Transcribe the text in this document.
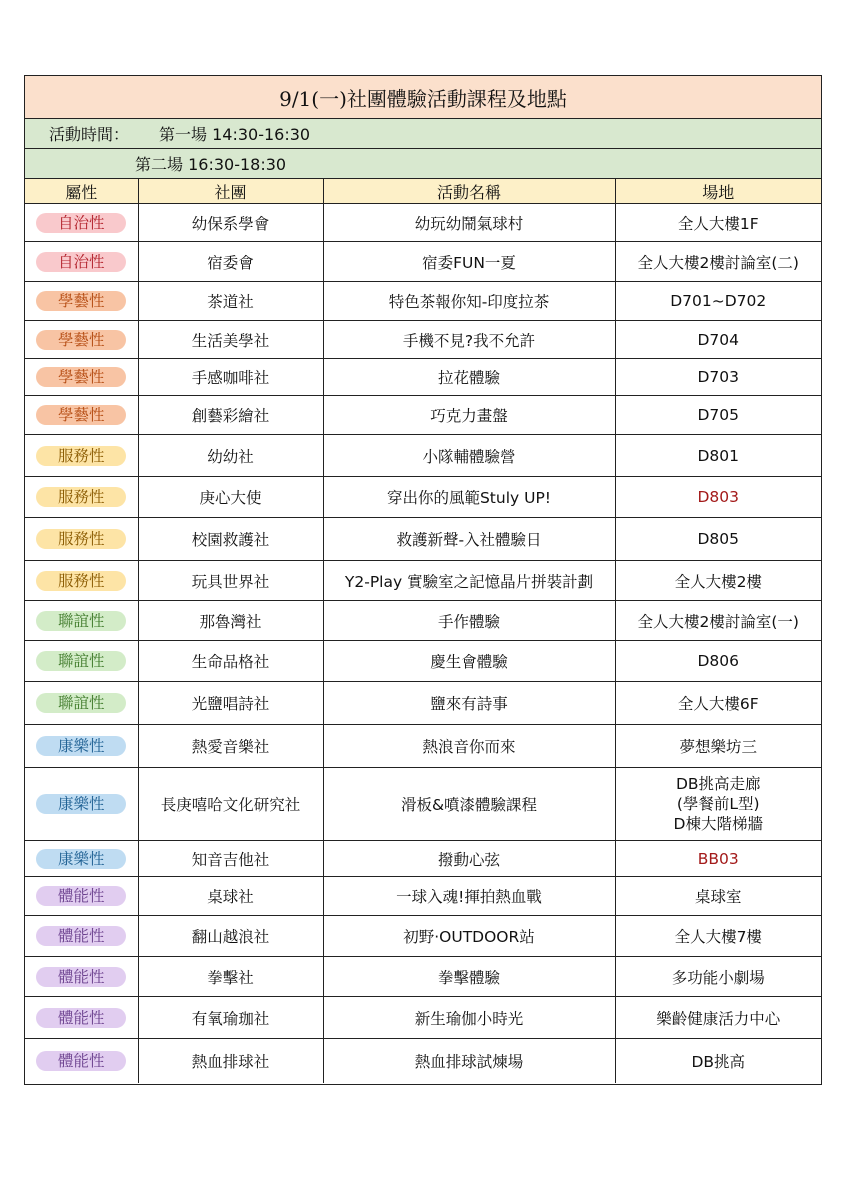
9/1(一)社團體驗活動課程及地點
活動時間：	第一場 14:30-16:30
第二場 16:30-18:30
屬性	社團	活動名稱	場地
自治性	幼保系學會	幼玩幼鬧氣球村	全人大樓1F
自治性	宿委會	宿委FUN一夏	全人大樓2樓討論室(二)
學藝性	茶道社	特色茶報你知-印度拉茶	D701~D702
學藝性	生活美學社	手機不見?我不允許	D704
學藝性	手感咖啡社	拉花體驗	D703
學藝性	創藝彩繪社	巧克力畫盤	D705
服務性	幼幼社	小隊輔體驗營	D801
服務性	庚心大使	穿出你的風範Stuly UP!	D803
服務性	校園救護社	救護新聲-入社體驗日	D805
服務性	玩具世界社	Y2-Play 實驗室之記憶晶片拼裝計劃	全人大樓2樓
聯誼性	那魯灣社	手作體驗	全人大樓2樓討論室(一)
聯誼性	生命品格社	慶生會體驗	D806
聯誼性	光鹽唱詩社	鹽來有詩事	全人大樓6F
康樂性	熱愛音樂社	熱浪音你而來	夢想樂坊三
康樂性	長庚嘻哈文化研究社	滑板&噴漆體驗課程	DB挑高走廊
(學餐前L型)
D棟大階梯牆

康樂性	知音吉他社	撥動心弦	BB03
體能性	桌球社	一球入魂!揮拍熱血戰	桌球室
體能性	翻山越浪社	初野·OUTDOOR站	全人大樓7樓
體能性	拳擊社	拳擊體驗	多功能小劇場
體能性	有氧瑜珈社	新生瑜伽小時光	樂齡健康活力中心
體能性	熱血排球社	熱血排球試煉場	DB挑高
